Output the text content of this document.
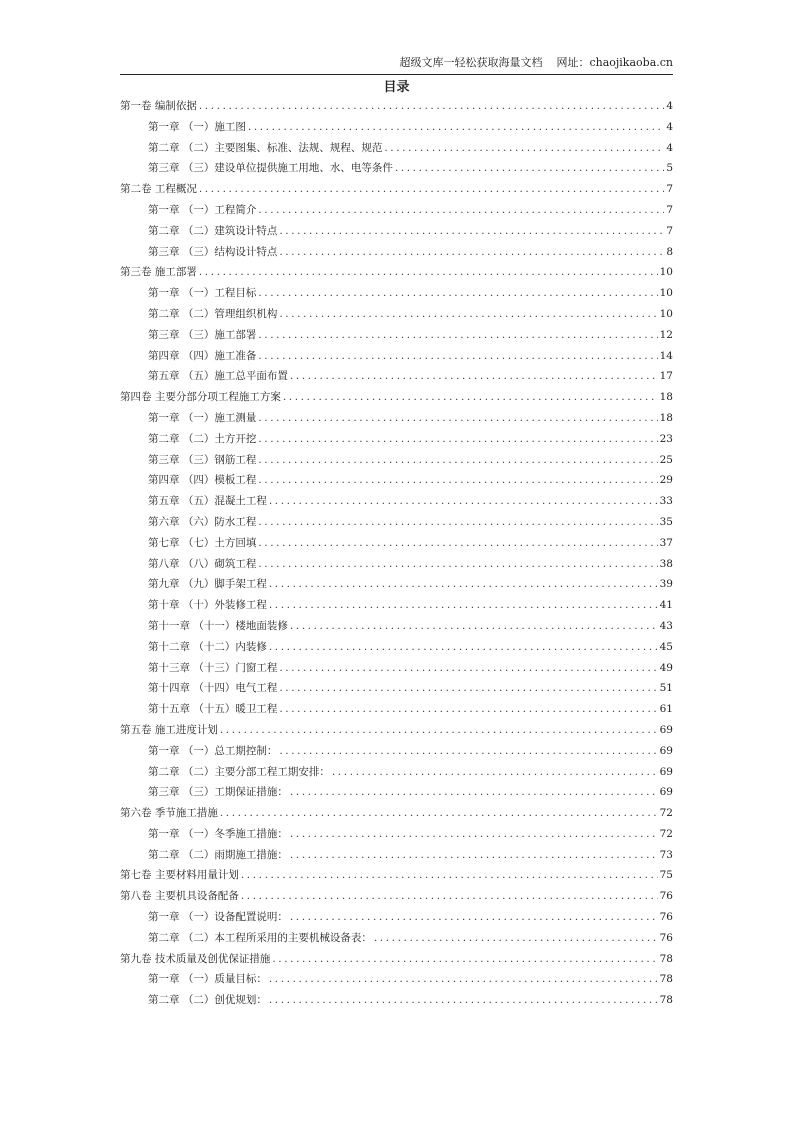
超级文库一轻松获取海量文档 网址：chaojikaoba.cn
目录
第一卷 编制依据 .....	4
第一章 （一）施工图 .....	4
第二章 （二）主要图集、标准、法规、规程、规范 .....	4
第三章 （三）建设单位提供施工用地、水、电等条件 .....	5
第二卷 工程概况 .....	7
第一章 （一）工程简介 .....	7
第二章 （二）建筑设计特点 .....	7
第三章 （三）结构设计特点 .....	8
第三卷 施工部署 .....	10
第一章 （一）工程目标 .....	10
第二章 （二）管理组织机构 .....	10
第三章 （三）施工部署 .....	12
第四章 （四）施工准备 .....	14
第五章 （五）施工总平面布置 .....	17
第四卷 主要分部分项工程施工方案 .....	18
第一章 （一）施工测量 .....	18
第二章 （二）土方开挖 .....	23
第三章 （三）钢筋工程 .....	25
第四章 （四）模板工程 .....	29
第五章 （五）混凝土工程 .....	33
第六章 （六）防水工程 .....	35
第七章 （七）土方回填 .....	37
第八章 （八）砌筑工程 .....	38
第九章 （九）脚手架工程 .....	39
第十章 （十）外装修工程 .....	41
第十一章 （十一）楼地面装修 .....	43
第十二章 （十二）内装修 .....	45
第十三章 （十三）门窗工程 .....	49
第十四章 （十四）电气工程 .....	51
第十五章 （十五）暖卫工程 .....	61
第五卷 施工进度计划 .....	69
第一章 （一）总工期控制： .....	69
第二章 （二）主要分部工程工期安排： .....	69
第三章 （三）工期保证措施： .....	69
第六卷 季节施工措施 .....	72
第一章 （一）冬季施工措施： .....	72
第二章 （二）雨期施工措施： .....	73
第七卷 主要材料用量计划 .....	75
第八卷 主要机具设备配备 .....	76
第一章 （一）设备配置说明： .....	76
第二章 （二）本工程所采用的主要机械设备表： .....	76
第九卷 技术质量及创优保证措施 .....	78
第一章 （一）质量目标： .....	78
第二章 （二）创优规划： .....	78
